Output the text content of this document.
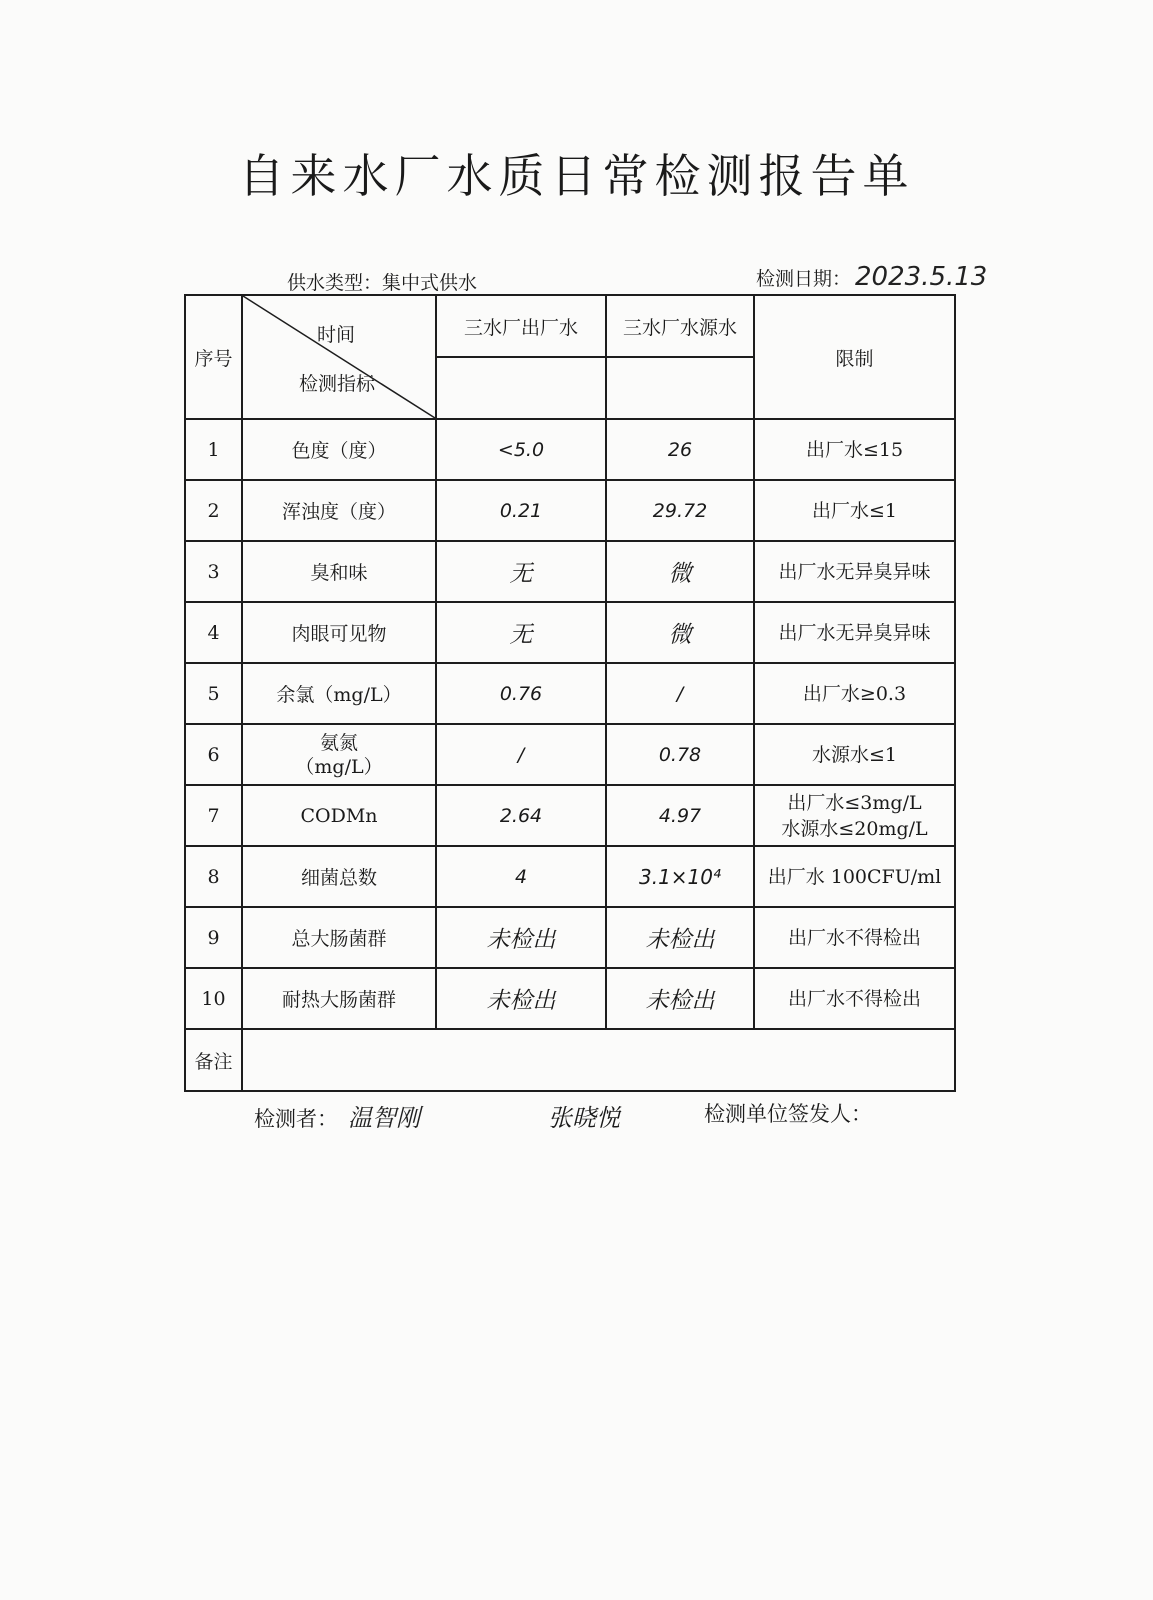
自来水厂水质日常检测报告单
供水类型：集中式供水	检测日期： 2023.5.13
序号	时间
检测指标	三水厂出厂水	三水厂水源水	限制

1	色度（度）	<5.0	26	出厂水≤15
2	浑浊度（度）	0.21	29.72	出厂水≤1
3	臭和味	无	微	出厂水无异臭异味
4	肉眼可见物	无	微	出厂水无异臭异味
5	余氯（mg/L）	0.76	/	出厂水≥0.3
6	氨氮
（mg/L）	/	0.78	水源水≤1
7	CODMn	2.64	4.97	出厂水≤3mg/L
水源水≤20mg/L
8	细菌总数	4	3.1×10⁴	出厂水 100CFU/ml
9	总大肠菌群	未检出	未检出	出厂水不得检出
10	耐热大肠菌群	未检出	未检出	出厂水不得检出
备注				
检测者： 温智刚	张晓悦	检测单位签发人：
